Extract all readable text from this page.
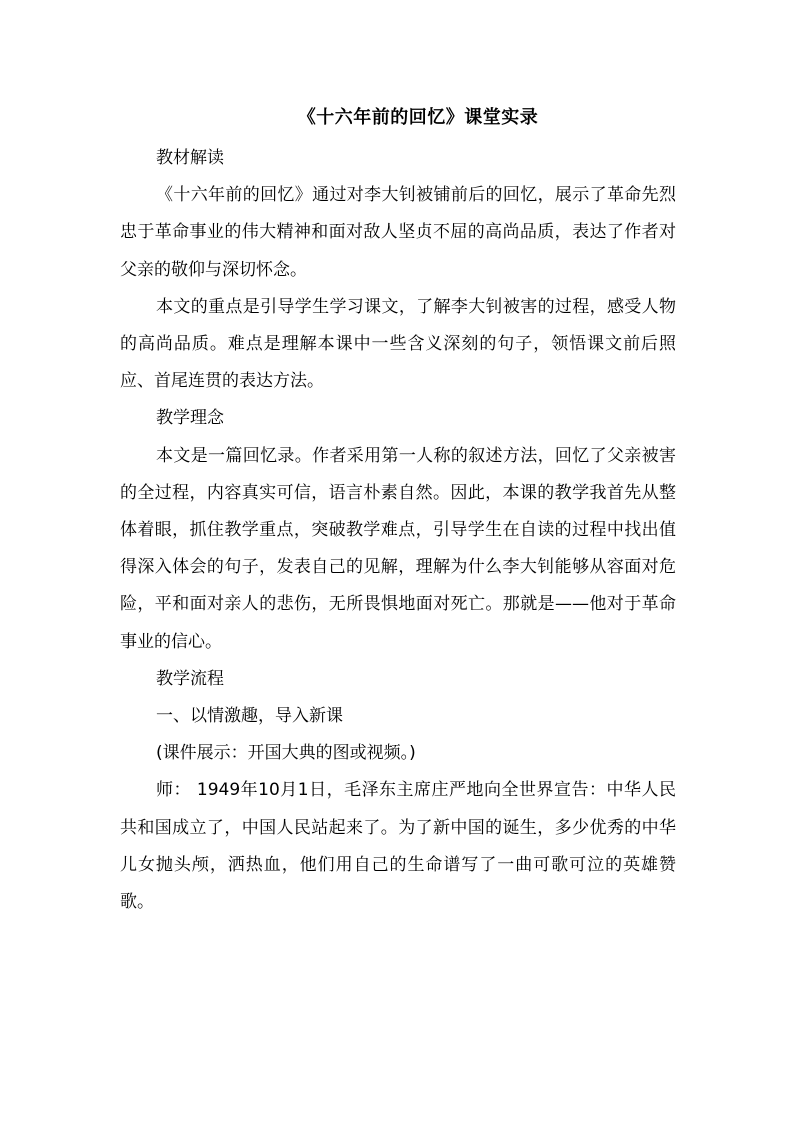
《十六年前的回忆》课堂实录

教材解读

《十六年前的回忆》通过对李大钊被铺前后的回忆，展示了革命先烈忠于革命事业的伟大精神和面对敌人坚贞不屈的高尚品质，表达了作者对父亲的敬仰与深切怀念。

本文的重点是引导学生学习课文，了解李大钊被害的过程，感受人物的高尚品质。难点是理解本课中一些含义深刻的句子，领悟课文前后照应、首尾连贯的表达方法。

教学理念

本文是一篇回忆录。作者采用第一人称的叙述方法，回忆了父亲被害的全过程，内容真实可信，语言朴素自然。因此，本课的教学我首先从整体着眼，抓住教学重点，突破教学难点，引导学生在自读的过程中找出值得深入体会的句子，发表自己的见解，理解为什么李大钊能够从容面对危险，平和面对亲人的悲伤，无所畏惧地面对死亡。那就是——他对于革命事业的信心。

教学流程

一、以情激趣，导入新课

(课件展示：开国大典的图或视频。)

师： 1949年10月1日，毛泽东主席庄严地向全世界宣告：中华人民共和国成立了，中国人民站起来了。为了新中国的诞生，多少优秀的中华儿女抛头颅，洒热血，他们用自己的生命谱写了一曲可歌可泣的英雄赞歌。
